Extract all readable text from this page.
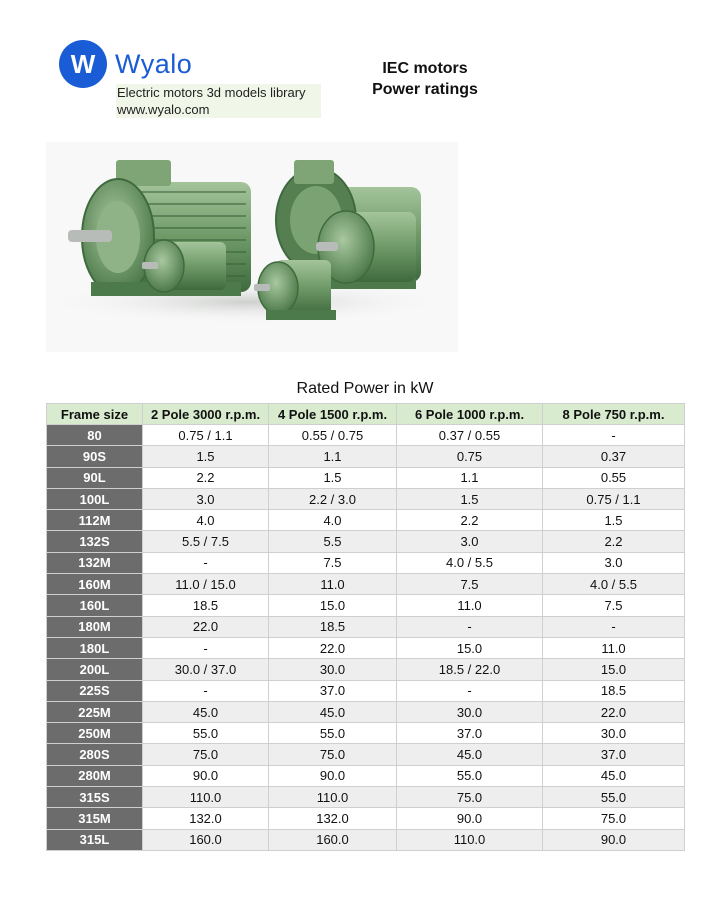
W Wyalo
Electric motors 3d models library
www.wyalo.com
IEC motors
Power ratings
Rated Power in kW
Frame size	2 Pole 3000 r.p.m.	4 Pole 1500 r.p.m.	6 Pole 1000 r.p.m.	8 Pole 750 r.p.m.
80	0.75 / 1.1	0.55 / 0.75	0.37 / 0.55	-
90S	1.5	1.1	0.75	0.37
90L	2.2	1.5	1.1	0.55
100L	3.0	2.2 / 3.0	1.5	0.75 / 1.1
112M	4.0	4.0	2.2	1.5
132S	5.5 / 7.5	5.5	3.0	2.2
132M	-	7.5	4.0 / 5.5	3.0
160M	11.0 / 15.0	11.0	7.5	4.0 / 5.5
160L	18.5	15.0	11.0	7.5
180M	22.0	18.5	-	-
180L	-	22.0	15.0	11.0
200L	30.0 / 37.0	30.0	18.5 / 22.0	15.0
225S	-	37.0	-	18.5
225M	45.0	45.0	30.0	22.0
250M	55.0	55.0	37.0	30.0
280S	75.0	75.0	45.0	37.0
280M	90.0	90.0	55.0	45.0
315S	110.0	110.0	75.0	55.0
315M	132.0	132.0	90.0	75.0
315L	160.0	160.0	110.0	90.0
